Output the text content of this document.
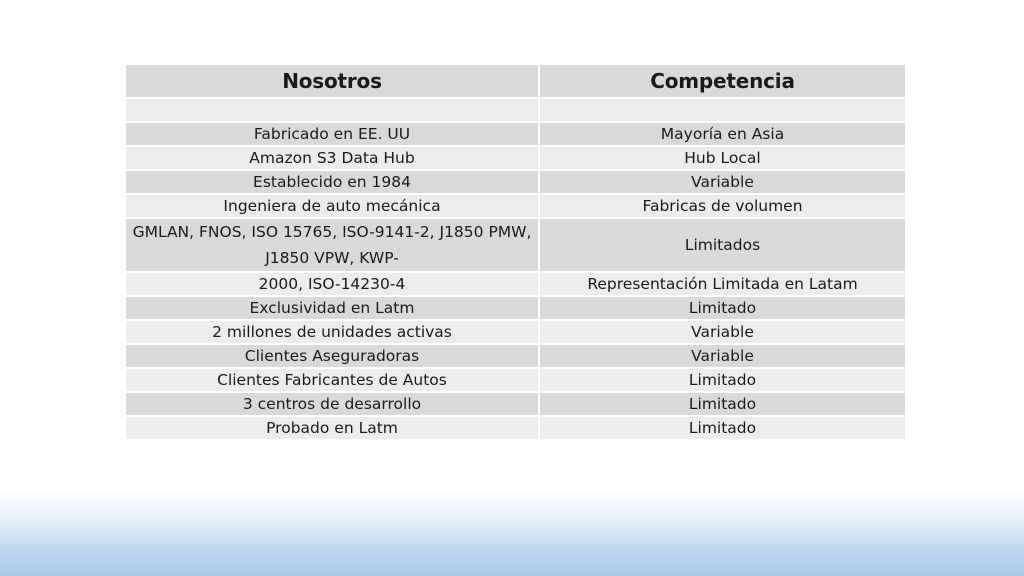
Nosotros	Competencia

Fabricado en EE. UU	Mayoría en Asia
Amazon S3 Data Hub	Hub Local
Establecido en 1984	Variable
Ingeniera de auto mecánica	Fabricas de volumen
GMLAN, FNOS, ISO 15765, ISO-9141-2, J1850 PMW, J1850 VPW, KWP-	Limitados
2000, ISO-14230-4	Representación Limitada en Latam
Exclusividad en Latm	Limitado
2 millones de unidades activas	Variable
Clientes Aseguradoras	Variable
Clientes Fabricantes de Autos	Limitado
3 centros de desarrollo	Limitado
Probado en Latm	Limitado
